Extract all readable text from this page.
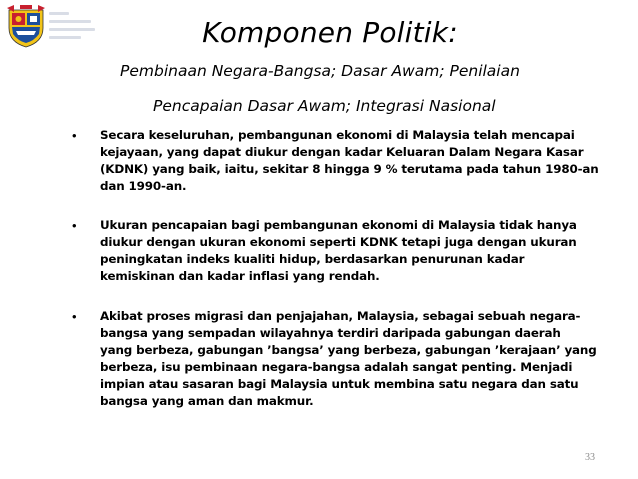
Komponen Politik:
Pembinaan Negara-Bangsa; Dasar Awam; Penilaian
Pencapaian Dasar Awam; Integrasi Nasional
• Secara keseluruhan, pembangunan ekonomi di Malaysia telah mencapai
kejayaan, yang dapat diukur dengan kadar Keluaran Dalam Negara Kasar
(KDNK) yang baik, iaitu, sekitar 8 hingga 9 % terutama pada tahun 1980-an
dan 1990-an.
• Ukuran pencapaian bagi pembangunan ekonomi di Malaysia tidak hanya
diukur dengan ukuran ekonomi seperti KDNK tetapi juga dengan ukuran
peningkatan indeks kualiti hidup, berdasarkan penurunan kadar
kemiskinan dan kadar inflasi yang rendah.
• Akibat proses migrasi dan penjajahan, Malaysia, sebagai sebuah negara-
bangsa yang sempadan wilayahnya terdiri daripada gabungan daerah
yang berbeza, gabungan ’bangsa’ yang berbeza, gabungan ’kerajaan’ yang
berbeza, isu pembinaan negara-bangsa adalah sangat penting. Menjadi
impian atau sasaran bagi Malaysia untuk membina satu negara dan satu
bangsa yang aman dan makmur.
33
